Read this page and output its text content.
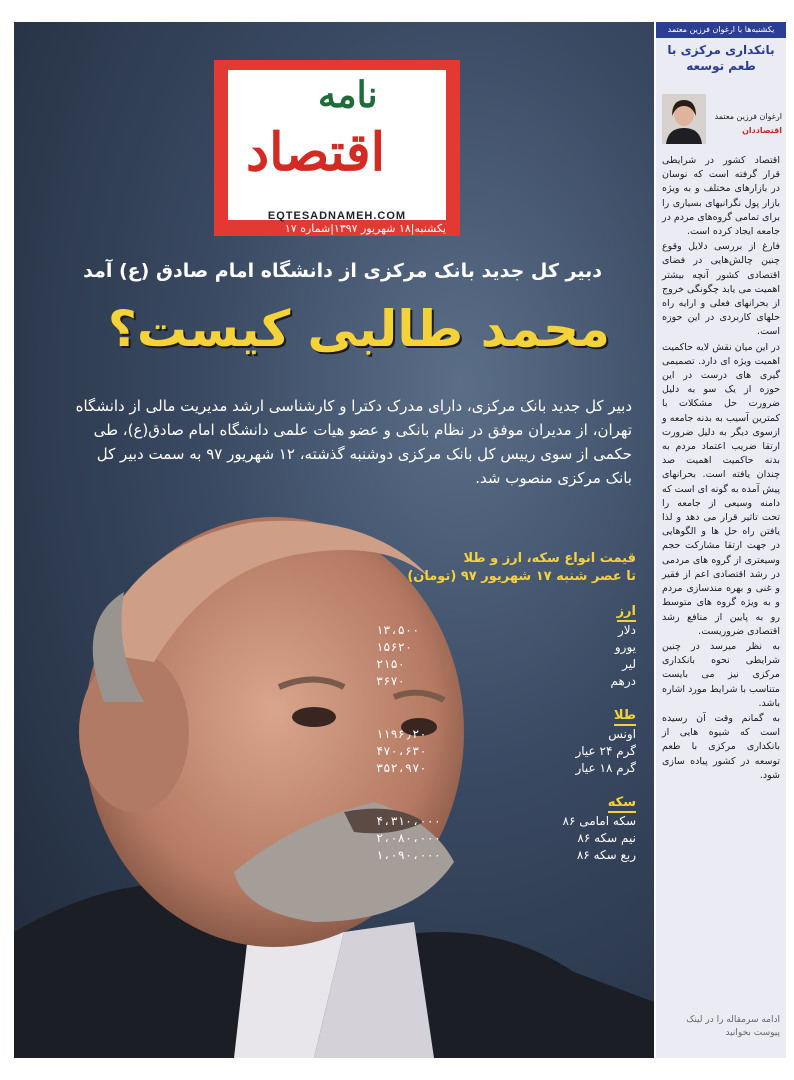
نامه
اقتصاد
EQTESADNAMEH.COM
یکشنبه|۱۸ شهریور ۱۳۹۷|شماره ۱۷
دبیر کل جدید بانک مرکزی از دانشگاه امام صادق (ع) آمد
محمد طالبی کیست؟
دبیر کل جدید بانک مرکزی، دارای مدرک دکترا و کارشناسی ارشد مدیریت مالی از دانشگاه تهران، از مدیران موفق در نظام بانکی و عضو هیات علمی دانشگاه امام صادق(ع)، طی حکمی از سوی رییس کل بانک مرکزی دوشنبه گذشته، ۱۲ شهریور ۹۷ به سمت دبیر کل بانک مرکزی منصوب شد.
قیمت انواع سکه، ارز و طلا
تا عصر شنبه ۱۷ شهریور ۹۷ (تومان)
ارز
دلار
۱۳،۵۰۰
یورو
۱۵۶۲۰
لیر
۲۱۵۰
درهم
۳۶۷۰
طلا
اونس
۱۱۹۶٫۲۰
گرم ۲۴ عیار
۴۷۰،۶۳۰
گرم ۱۸ عیار
۳۵۲،۹۷۰
سکه
سکه امامی ۸۶
۴،۳۱۰،۰۰۰
نیم سکه ۸۶
۲،۰۸۰،۰۰۰
ربع سکه ۸۶
۱،۰۹۰،۰۰۰
یکشنبه‌ها با ارغوان فرزین معتمد
بانکداری مرکزی با طعم توسعه
ارغوان فرزین معتمد
اقتصاددان

اقتصاد کشور در شرایطی قرار گرفته است که نوسان در بازارهای مختلف و به ویژه بازار پول نگرانیهای بسیاری را برای تمامی گروه‌های مردم در جامعه ایجاد کرده است.

فارغ از بررسی دلایل وقوع چنین چالش‌هایی در فضای اقتصادی کشور آنچه بیشتر اهمیت می یابد چگونگی خروج از بحرانهای فعلی و ارایه راه حلهای کاربردی در این حوزه است.

در این میان نقش لایه حاکمیت اهمیت ویژه ای دارد. تصمیمی گیری های درست در این حوزه از یک سو به دلیل ضرورت حل مشکلات با کمترین آسیب به بدنه جامعه و ازسوی دیگر به دلیل ضرورت ارتقا ضریب اعتماد مردم به بدنه حاکمیت اهمیت صد چندان یافته است. بحرانهای پیش آمده به گونه ای است که دامنه وسیعی از جامعه را تحت تاثیر قرار می دهد و لذا یافتن راه حل ها و الگوهایی در جهت ارتقا مشارکت حجم وسیعتری از گروه های مردمی در رشد اقتصادی اعم از فقیر و غنی و بهره مندسازی مردم و به ویژه گروه های متوسط رو به پایین از منافع رشد اقتصادی ضروریست.

به نظر میرسد در چنین شرایطی نحوه بانکداری مرکزی نیز می بایست متناسب با شرایط مورد اشاره باشد.

به گمانم وقت آن رسیده است که شیوه هایی از بانکداری مرکزی با طعم توسعه در کشور پیاده سازی شود.

ادامه سرمقاله را در لینک پیوست بخوانید
